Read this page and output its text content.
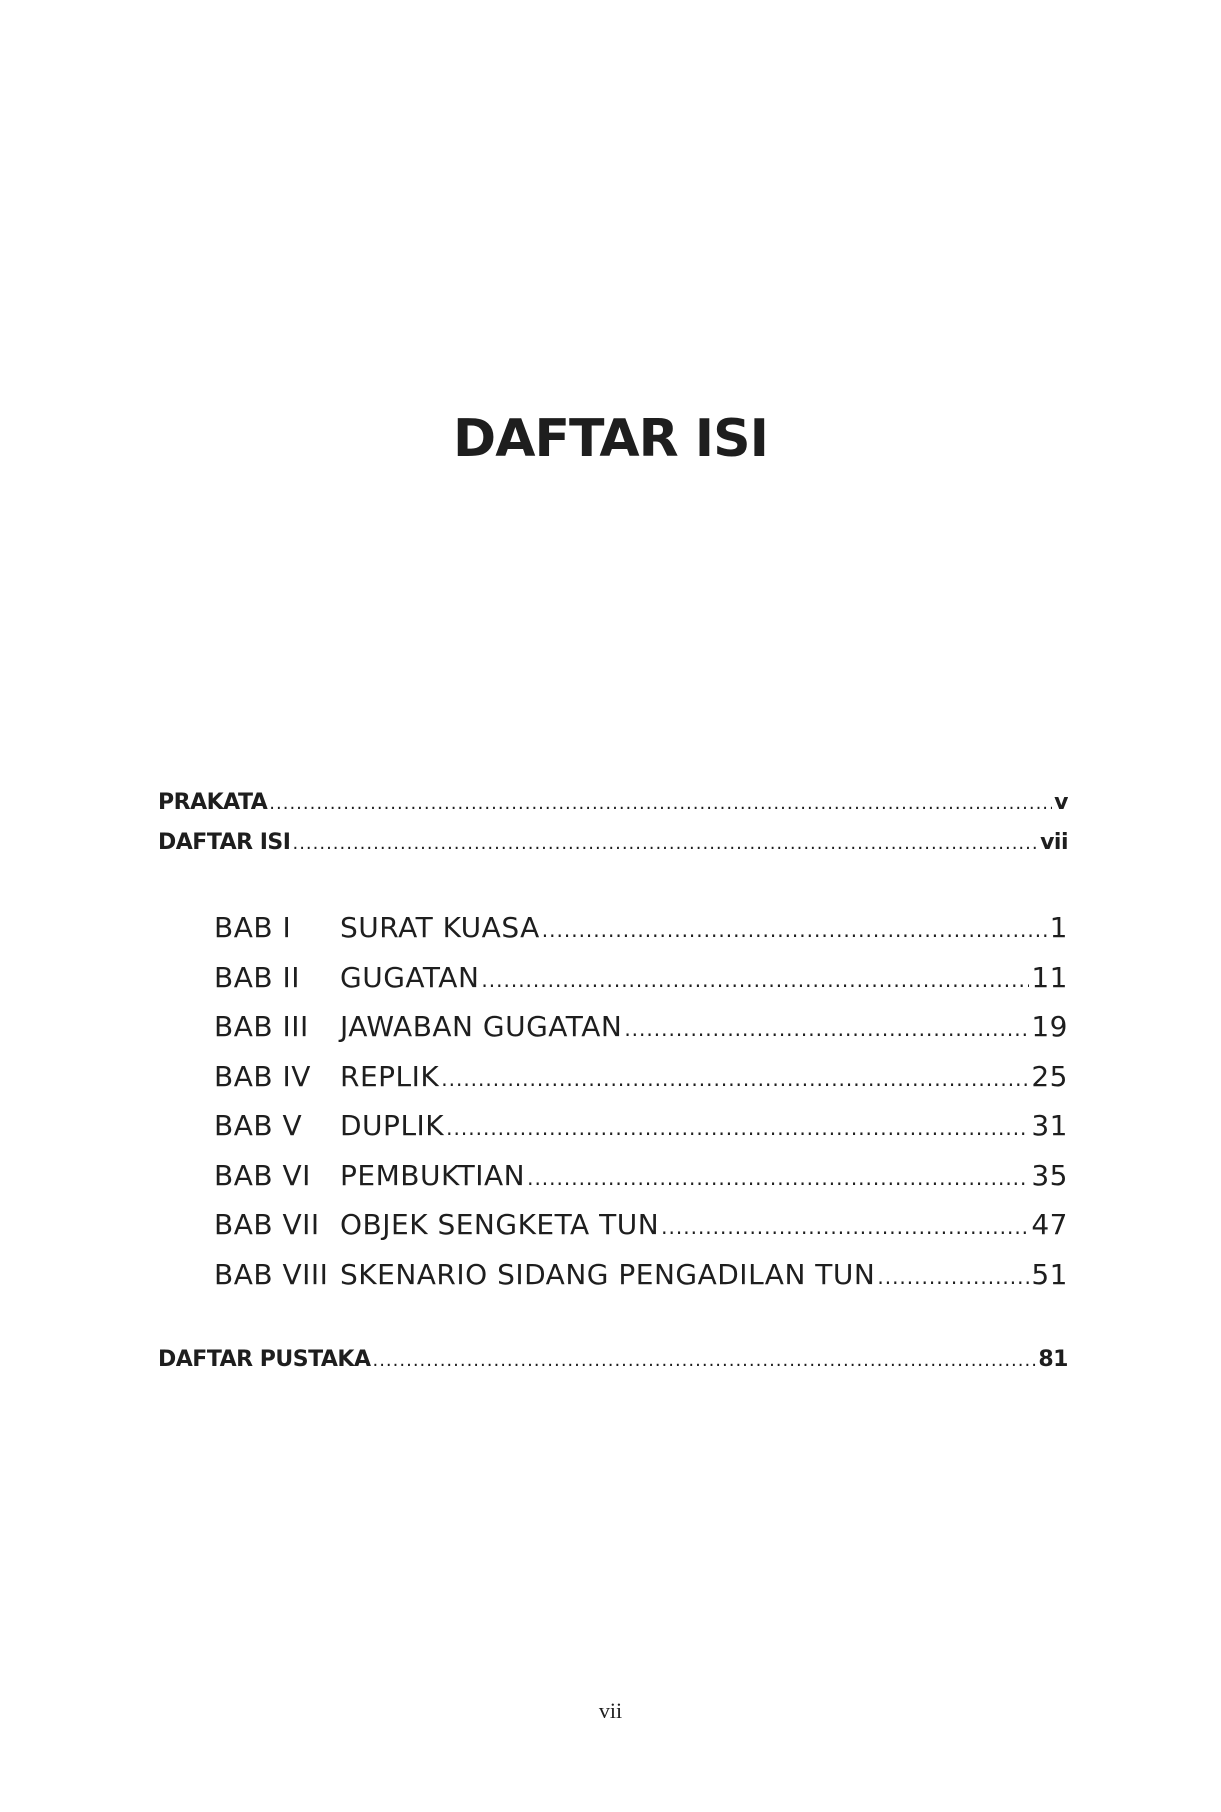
DAFTAR ISI
PRAKATA .....	v
DAFTAR ISI .....	vii
BAB I	SURAT KUASA .....	1
BAB II	GUGATAN .....	11
BAB III	JAWABAN GUGATAN .....	19
BAB IV	REPLIK .....	25
BAB V	DUPLIK .....	31
BAB VI	PEMBUKTIAN .....	35
BAB VII OBJEK SENGKETA TUN .....	47
BAB VIII SKENARIO SIDANG PENGADILAN TUN .....	51
DAFTAR PUSTAKA .....	81
vii
